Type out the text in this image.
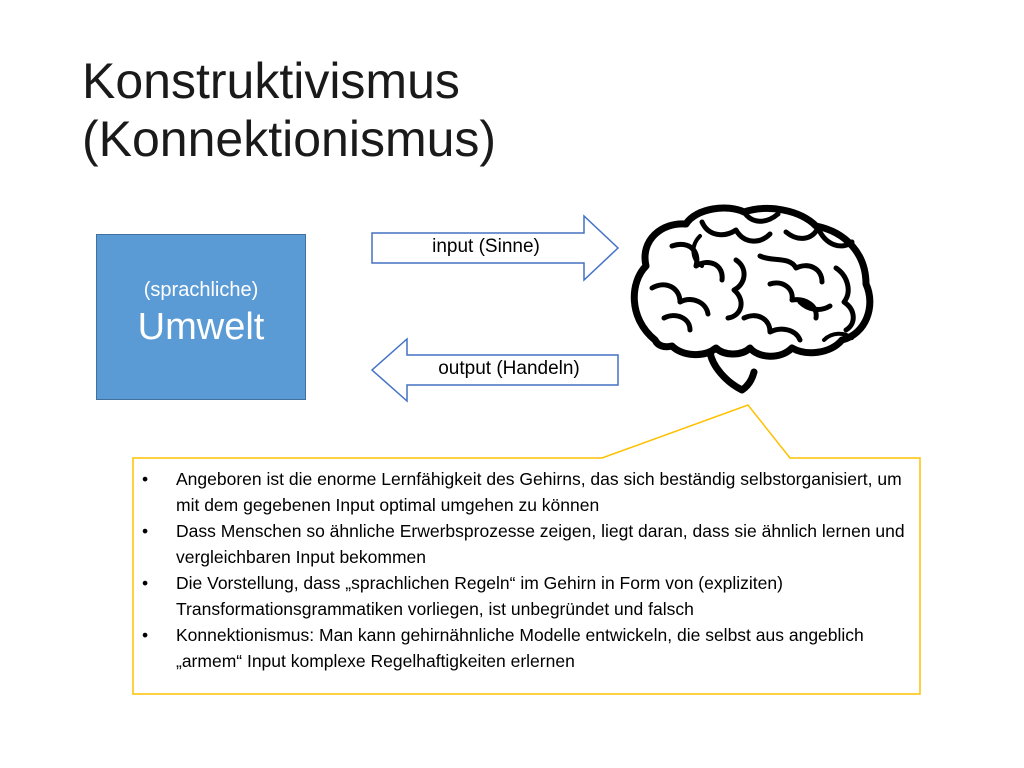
Konstruktivismus
(Konnektionismus)
(sprachliche)
Umwelt
input (Sinne)
output (Handeln)
• Angeboren ist die enorme Lernfähigkeit des Gehirns, das sich beständig selbstorganisiert, um mit dem gegebenen Input optimal umgehen zu können
• Dass Menschen so ähnliche Erwerbsprozesse zeigen, liegt daran, dass sie ähnlich lernen und vergleichbaren Input bekommen
• Die Vorstellung, dass „sprachlichen Regeln“ im Gehirn in Form von (expliziten) Transformationsgrammatiken vorliegen, ist unbegründet und falsch
• Konnektionismus: Man kann gehirnähnliche Modelle entwickeln, die selbst aus angeblich „armem“ Input komplexe Regelhaftigkeiten erlernen
